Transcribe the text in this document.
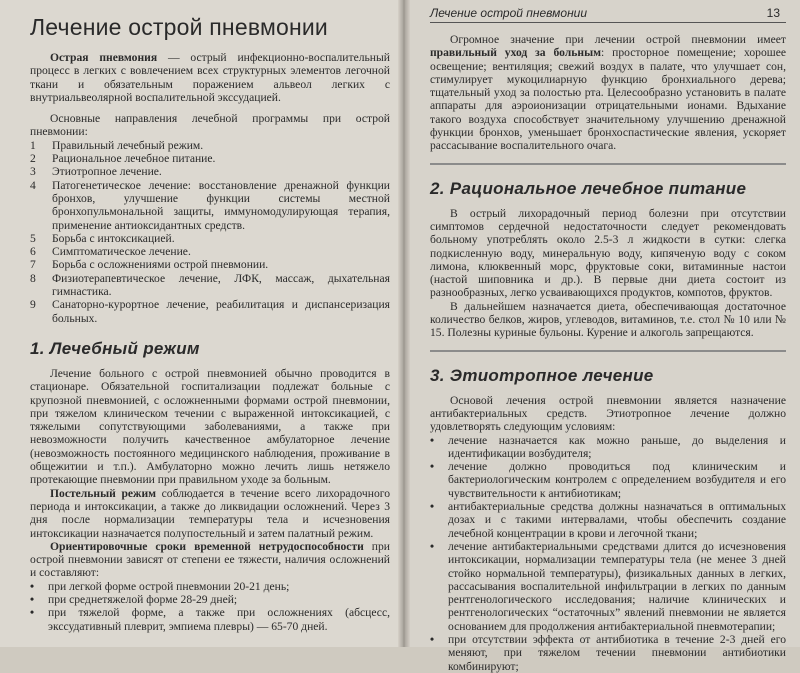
Лечение острой пневмонии

Острая пневмония — острый инфекционно-воспалительный процесс в легких с вовлечением всех структурных элементов легочной ткани и обязательным поражением альвеол легких с внутриальвеолярной воспалительной экссудацией.

Основные направления лечебной программы при острой пневмонии:

1	Правильный лечебный режим.
2	Рациональное лечебное питание.
3	Этиотропное лечение.
4	Патогенетическое лечение: восстановление дренажной функции бронхов, улучшение функции системы местной бронхопульмональной защиты, иммуномодулирующая терапия, применение антиоксидантных средств.
5	Борьба с интоксикацией.
6	Симптоматическое лечение.
7	Борьба с осложнениями острой пневмонии.
8	Физиотерапевтическое лечение, ЛФК, массаж, дыхательная гимнастика.
9	Санаторно-курортное лечение, реабилитация и диспансеризация больных.
1. Лечебный режим

Лечение больного с острой пневмонией обычно проводится в стационаре. Обязательной госпитализации подлежат больные с крупозной пневмонией, с осложненными формами острой пневмонии, при тяжелом клиническом течении с выраженной интоксикацией, с тяжелыми сопутствующими заболеваниями, а также при невозможности получить качественное амбулаторное лечение (невозможность постоянного медицинского наблюдения, проживание в общежитии и т.п.). Амбулаторно можно лечить лишь нетяжело протекающие пневмонии при правильном уходе за больным.

Постельный режим соблюдается в течение всего лихорадочного периода и интоксикации, а также до ликвидации осложнений. Через 3 дня после нормализации температуры тела и исчезновения интоксикации назначается полупостельный и затем палатный режим.

Ориентировочные сроки временной нетрудоспособности при острой пневмонии зависят от степени ее тяжести, наличия осложнений и составляют:

•	при легкой форме острой пневмонии 20-21 день;
•	при среднетяжелой форме 28-29 дней;
•	при тяжелой форме, а также при осложнениях (абсцесс, экссудативный плеврит, эмпиема плевры) — 65-70 дней.
Лечение острой пневмонии	13

Огромное значение при лечении острой пневмонии имеет правильный уход за больным: просторное помещение; хорошее освещение; вентиляция; свежий воздух в палате, что улучшает сон, стимулирует мукоцилиарную функцию бронхиального дерева; тщательный уход за полостью рта. Целесообразно установить в палате аппараты для аэроионизации отрицательными ионами. Вдыхание такого воздуха способствует значительному улучшению дренажной функции бронхов, уменьшает бронхоспастические явления, ускоряет рассасывание воспалительного очага.

2. Рациональное лечебное питание

В острый лихорадочный период болезни при отсутствии симптомов сердечной недостаточности следует рекомендовать больному употреблять около 2.5-3 л жидкости в сутки: слегка подкисленную воду, минеральную воду, кипяченую воду с соком лимона, клюквенный морс, фруктовые соки, витаминные настои (настой шиповника и др.). В первые дни диета состоит из разнообразных, легко усваивающихся продуктов, компотов, фруктов.

В дальнейшем назначается диета, обеспечивающая достаточное количество белков, жиров, углеводов, витаминов, т.е. стол № 10 или № 15. Полезны куриные бульоны. Курение и алкоголь запрещаются.

3. Этиотропное лечение

Основой лечения острой пневмонии является назначение антибактериальных средств. Этиотропное лечение должно удовлетворять следующим условиям:

•	лечение назначается как можно раньше, до выделения и идентификации возбудителя;
•	лечение должно проводиться под клиническим и бактериологическим контролем с определением возбудителя и его чувствительности к антибиотикам;
•	антибактериальные средства должны назначаться в оптимальных дозах и с такими интервалами, чтобы обеспечить создание лечебной концентрации в крови и легочной ткани;
•	лечение антибактериальными средствами длится до исчезновения интоксикации, нормализации температуры тела (не менее 3 дней стойко нормальной температуры), физикальных данных в легких, рассасывания воспалительной инфильтрации в легких по данным рентгенологического исследования; наличие клинических и рентгенологических “остаточных” явлений пневмонии не является основанием для продолжения антибактериальной пневмотерапии;
•	при отсутствии эффекта от антибиотика в течение 2-3 дней его меняют, при тяжелом течении пневмонии антибиотики комбинируют;
